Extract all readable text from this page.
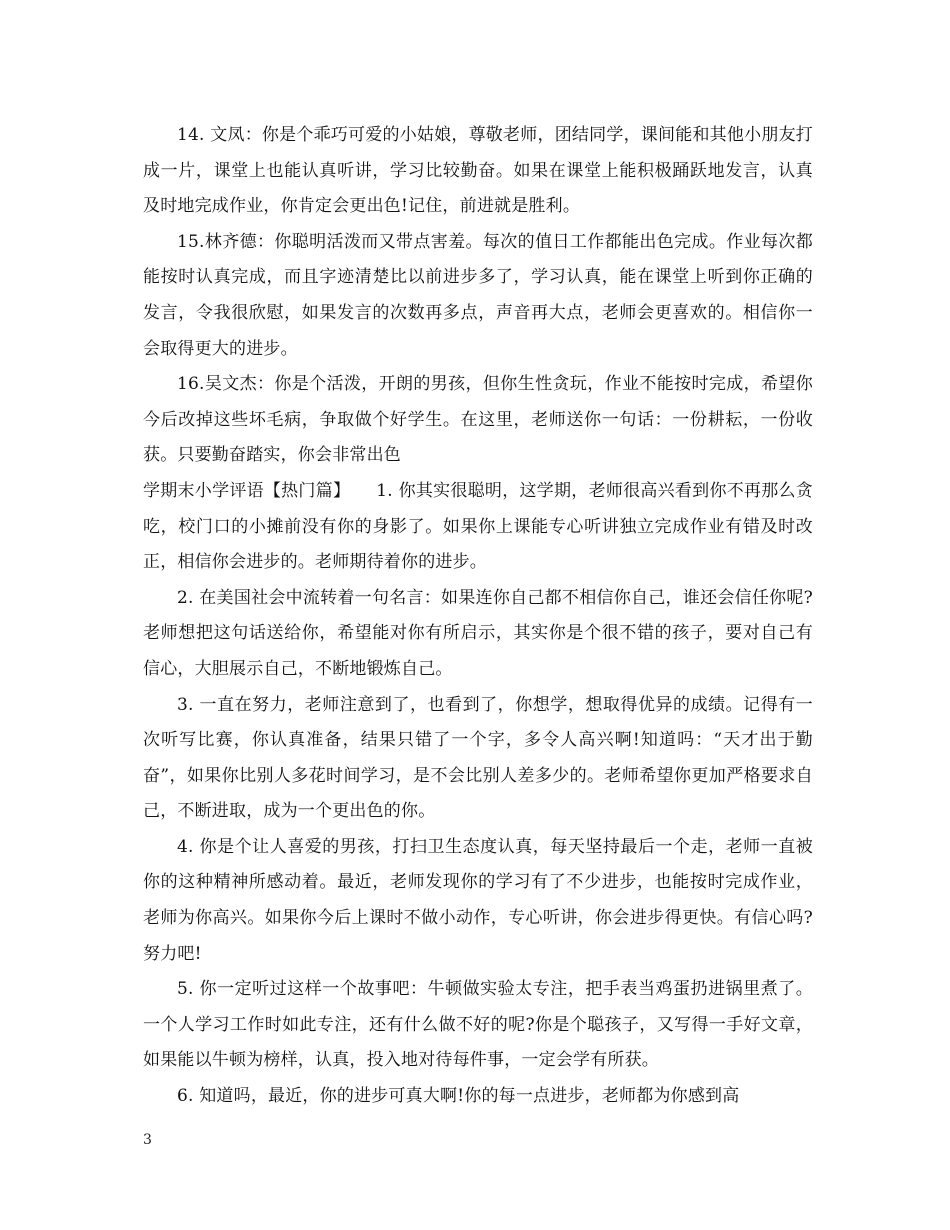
14. 文凤：你是个乖巧可爱的小姑娘，尊敬老师，团结同学，课间能和其他小朋友打成一片，课堂上也能认真听讲，学习比较勤奋。如果在课堂上能积极踊跃地发言，认真及时地完成作业，你肯定会更出色!记住，前进就是胜利。

15.林齐德：你聪明活泼而又带点害羞。每次的值日工作都能出色完成。作业每次都能按时认真完成，而且字迹清楚比以前进步多了，学习认真，能在课堂上听到你正确的发言，令我很欣慰，如果发言的次数再多点，声音再大点，老师会更喜欢的。相信你一会取得更大的进步。

16.吴文杰：你是个活泼，开朗的男孩，但你生性贪玩，作业不能按时完成，希望你今后改掉这些坏毛病，争取做个好学生。在这里，老师送你一句话：一份耕耘，一份收获。只要勤奋踏实，你会非常出色

学期末小学评语【热门篇】　　1. 你其实很聪明，这学期，老师很高兴看到你不再那么贪吃，校门口的小摊前没有你的身影了。如果你上课能专心听讲独立完成作业有错及时改正，相信你会进步的。老师期待着你的进步。

2. 在美国社会中流转着一句名言：如果连你自己都不相信你自己，谁还会信任你呢?老师想把这句话送给你，希望能对你有所启示，其实你是个很不错的孩子，要对自己有信心，大胆展示自己，不断地锻炼自己。

3. 一直在努力，老师注意到了，也看到了，你想学，想取得优异的成绩。记得有一次听写比赛，你认真准备，结果只错了一个字，多令人高兴啊!知道吗：“天才出于勤奋”，如果你比别人多花时间学习，是不会比别人差多少的。老师希望你更加严格要求自己，不断进取，成为一个更出色的你。

4. 你是个让人喜爱的男孩，打扫卫生态度认真，每天坚持最后一个走，老师一直被你的这种精神所感动着。最近，老师发现你的学习有了不少进步，也能按时完成作业，老师为你高兴。如果你今后上课时不做小动作，专心听讲，你会进步得更快。有信心吗?努力吧!

5. 你一定听过这样一个故事吧：牛顿做实验太专注，把手表当鸡蛋扔进锅里煮了。一个人学习工作时如此专注，还有什么做不好的呢?你是个聪孩子，又写得一手好文章，如果能以牛顿为榜样，认真，投入地对待每件事，一定会学有所获。

6. 知道吗，最近，你的进步可真大啊!你的每一点进步，老师都为你感到高

3
